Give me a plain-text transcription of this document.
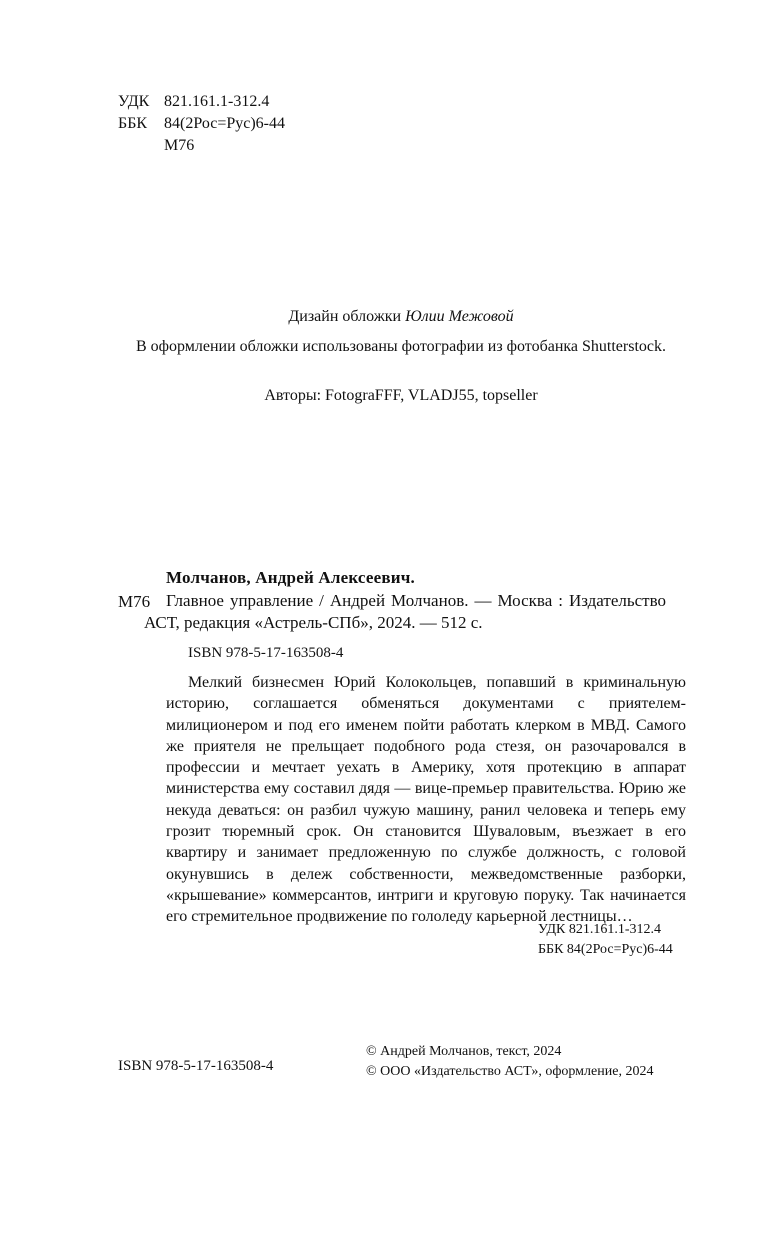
УДК 821.161.1-312.4
ББК 84(2Рос=Рус)6-44
М76

Дизайн обложки Юлии Межовой

В оформлении обложки использованы фотографии из фотобанка Shutterstock.

Авторы: FotograFFF, VLADJ55, topseller

Молчанов, Андрей Алексеевич.
М76 Главное управление / Андрей Молчанов. — Москва : Издательство АСТ, редакция «Астрель-СПб», 2024. — 512 с.
ISBN 978-5-17-163508-4
Мелкий бизнесмен Юрий Колокольцев, попавший в криминальную историю, соглашается обменяться документами с приятелем-милиционером и под его именем пойти работать клерком в МВД. Самого же приятеля не прельщает подобного рода стезя, он разочаровался в профессии и мечтает уехать в Америку, хотя протекцию в аппарат министерства ему составил дядя — вице-премьер правительства. Юрию же некуда деваться: он разбил чужую машину, ранил человека и теперь ему грозит тюремный срок. Он становится Шуваловым, въезжает в его квартиру и занимает предложенную по службе должность, с головой окунувшись в дележ собственности, межведомственные разборки, «крышевание» коммерсантов, интриги и круговую поруку. Так начинается его стремительное продвижение по гололеду карьерной лестницы…
УДК 821.161.1-312.4
ББК 84(2Рос=Рус)6-44
ISBN 978-5-17-163508-4
© Андрей Молчанов, текст, 2024
© ООО «Издательство АСТ», оформление, 2024
